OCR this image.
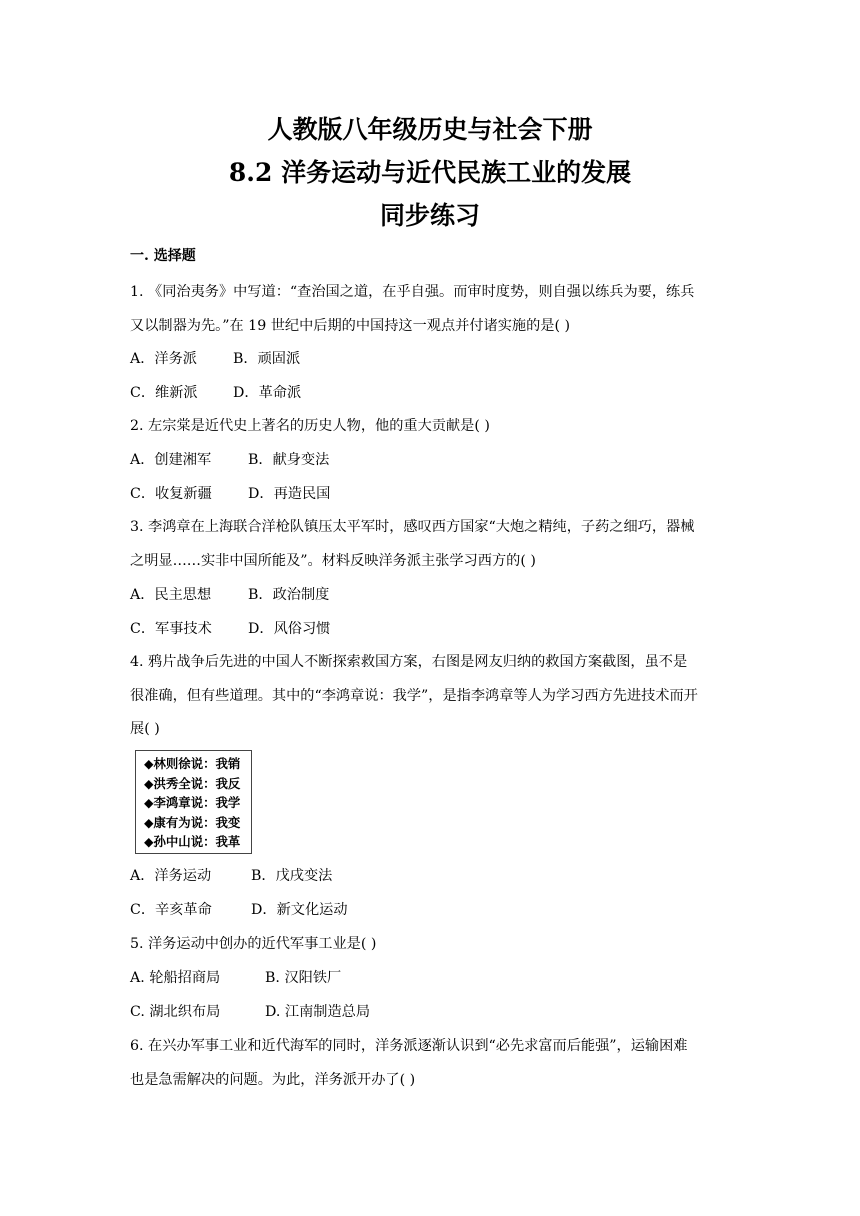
人教版八年级历史与社会下册
8.2 洋务运动与近代民族工业的发展
同步练习
一. 选择题
1. 《同治夷务》中写道：“查治国之道，在乎自强。而审时度势，则自强以练兵为要，练兵
又以制器为先。”在 19 世纪中后期的中国持这一观点并付诸实施的是( )
A．洋务派	B．顽固派
C．维新派 D．革命派
2. 左宗棠是近代史上著名的历史人物，他的重大贡献是( )
A．创建湘军	B．献身变法
C．收复新疆	D．再造民国
3. 李鸿章在上海联合洋枪队镇压太平军时，感叹西方国家“大炮之精纯，子药之细巧，器械
之明显……实非中国所能及”。材料反映洋务派主张学习西方的( )
A．民主思想	B．政治制度
C．军事技术	D．风俗习惯
4. 鸦片战争后先进的中国人不断探索救国方案，右图是网友归纳的救国方案截图，虽不是
很准确，但有些道理。其中的“李鸿章说：我学”，是指李鸿章等人为学习西方先进技术而开
展( )
◆林则徐说：我销
◆洪秀全说：我反
◆李鸿章说：我学
◆康有为说：我变
◆孙中山说：我革
A．洋务运动	B．戊戌变法
C．辛亥革命	D．新文化运动
5. 洋务运动中创办的近代军事工业是( )
A. 轮船招商局	B. 汉阳铁厂
C. 湖北织布局	D. 江南制造总局
6. 在兴办军事工业和近代海军的同时，洋务派逐渐认识到“必先求富而后能强”，运输困难
也是急需解决的问题。为此，洋务派开办了( )
